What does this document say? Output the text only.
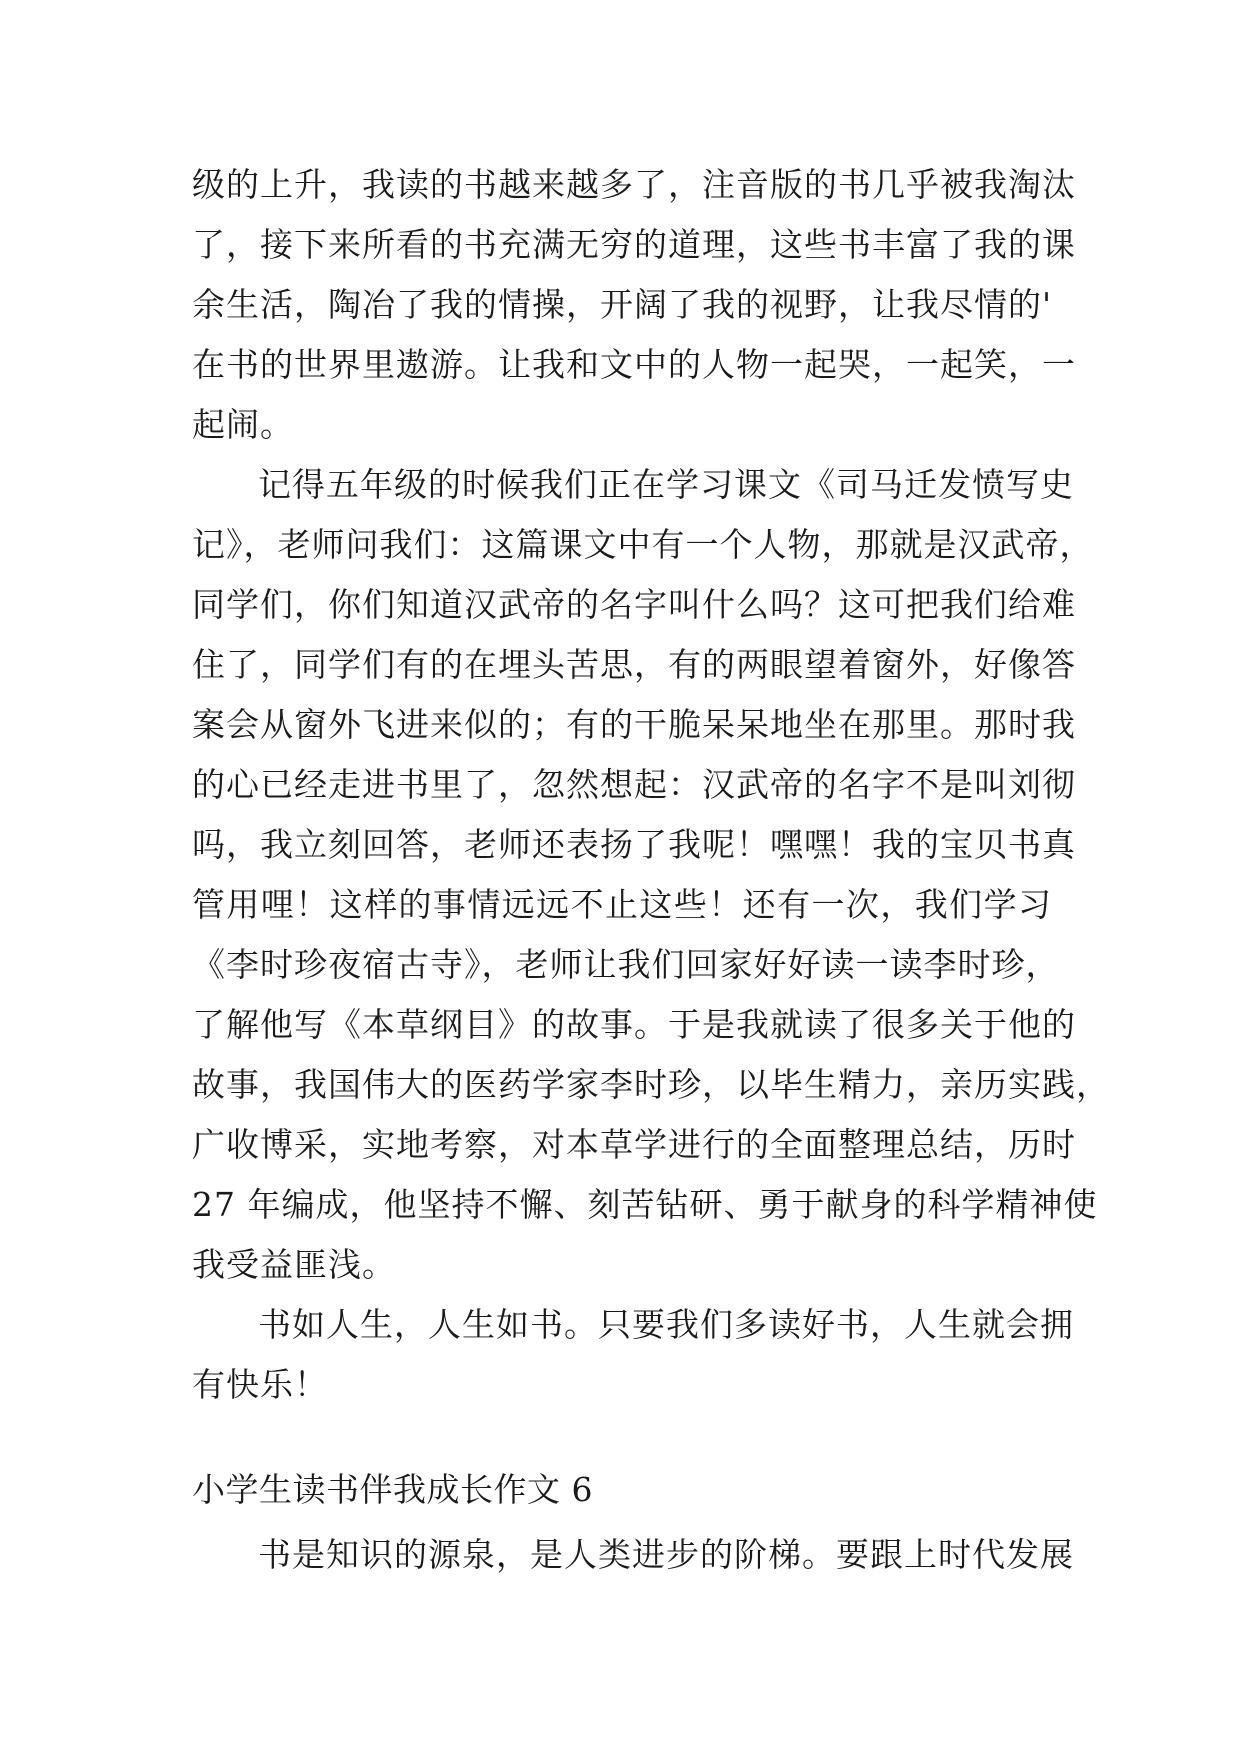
级的上升，我读的书越来越多了，注音版的书几乎被我淘汰
了，接下来所看的书充满无穷的道理，这些书丰富了我的课
余生活，陶冶了我的情操，开阔了我的视野，让我尽情的'
在书的世界里遨游。让我和文中的人物一起哭，一起笑，一
起闹。
记得五年级的时候我们正在学习课文《司马迁发愤写史
记》，老师问我们：这篇课文中有一个人物，那就是汉武帝，
同学们，你们知道汉武帝的名字叫什么吗？这可把我们给难
住了，同学们有的在埋头苦思，有的两眼望着窗外，好像答
案会从窗外飞进来似的；有的干脆呆呆地坐在那里。那时我
的心已经走进书里了，忽然想起：汉武帝的名字不是叫刘彻
吗，我立刻回答，老师还表扬了我呢！嘿嘿！我的宝贝书真
管用哩！这样的事情远远不止这些！还有一次，我们学习
《李时珍夜宿古寺》，老师让我们回家好好读一读李时珍，
了解他写《本草纲目》的故事。于是我就读了很多关于他的
故事，我国伟大的医药学家李时珍，以毕生精力，亲历实践，
广收博采，实地考察，对本草学进行的全面整理总结，历时
27 年编成，他坚持不懈、刻苦钻研、勇于献身的科学精神使
我受益匪浅。
书如人生，人生如书。只要我们多读好书，人生就会拥
有快乐！
小学生读书伴我成长作文 6
书是知识的源泉，是人类进步的阶梯。要跟上时代发展
